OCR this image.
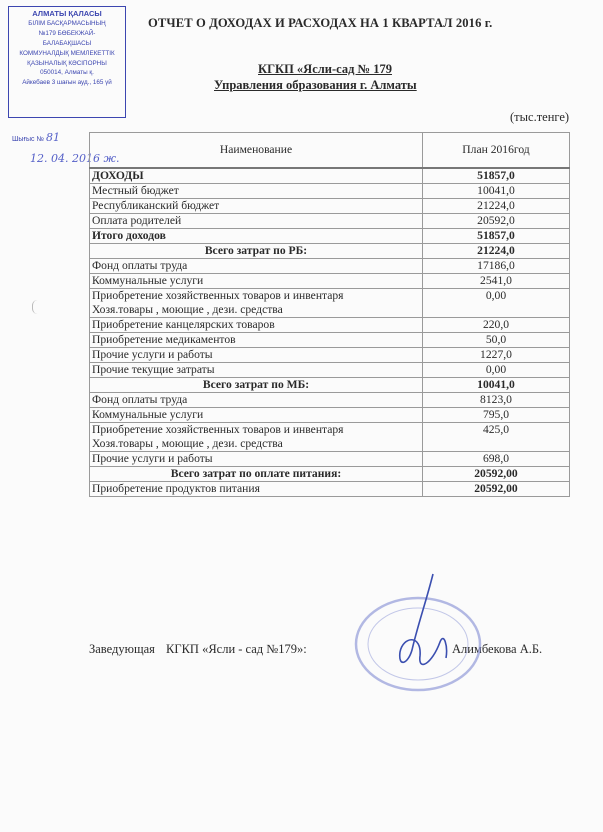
АЛМАТЫ ҚАЛАСЫ
БІЛІМ БАСҚАРМАСЫНЫҢ
№179 БӨБЕКЖАЙ-
БАЛАБАҚШАСЫ
КОММУНАЛДЫҚ МЕМЛЕКЕТТІК
ҚАЗЫНАЛЫҚ КӘСІПОРНЫ
050014, Алматы қ.
Айкебаев 3 шағын ауд., 165 үй
Шығыс № 81
12. 04. 2016 ж.
ОТЧЕТ О ДОХОДАХ И РАСХОДАХ НА 1 КВАРТАЛ 2016 г.
КГКП «Ясли-сад № 179
Управления образования г. Алматы
(тыс.тенге)
Наименование	План 2016год

ДОХОДЫ	51857,0

Местный бюджет	10041,0

Республиканский бюджет	21224,0

Оплата родителей	20592,0

Итого доходов	51857,0

Всего затрат по РБ:	21224,0

Фонд оплаты труда	17186,0

Коммунальные услуги	2541,0

Приобретение хозяйственных товаров и инвентаря
Хозя.товары , моющие , дези. средства	0,00

Приобретение канцелярских товаров	220,0

Приобретение медикаментов	50,0

Прочие услуги и работы	1227,0

Прочие текущие затраты	0,00

Всего затрат по МБ:	10041,0

Фонд оплаты труда	8123,0

Коммунальные услуги	795,0

Приобретение хозяйственных товаров и инвентаря
Хозя.товары , моющие , дези. средства	425,0

Прочие услуги и работы	698,0

Всего затрат по оплате питания:	20592,00

Приобретение продуктов питания	20592,00
Заведующая КГКП «Ясли - сад №179»:	Алимбекова А.Б.
